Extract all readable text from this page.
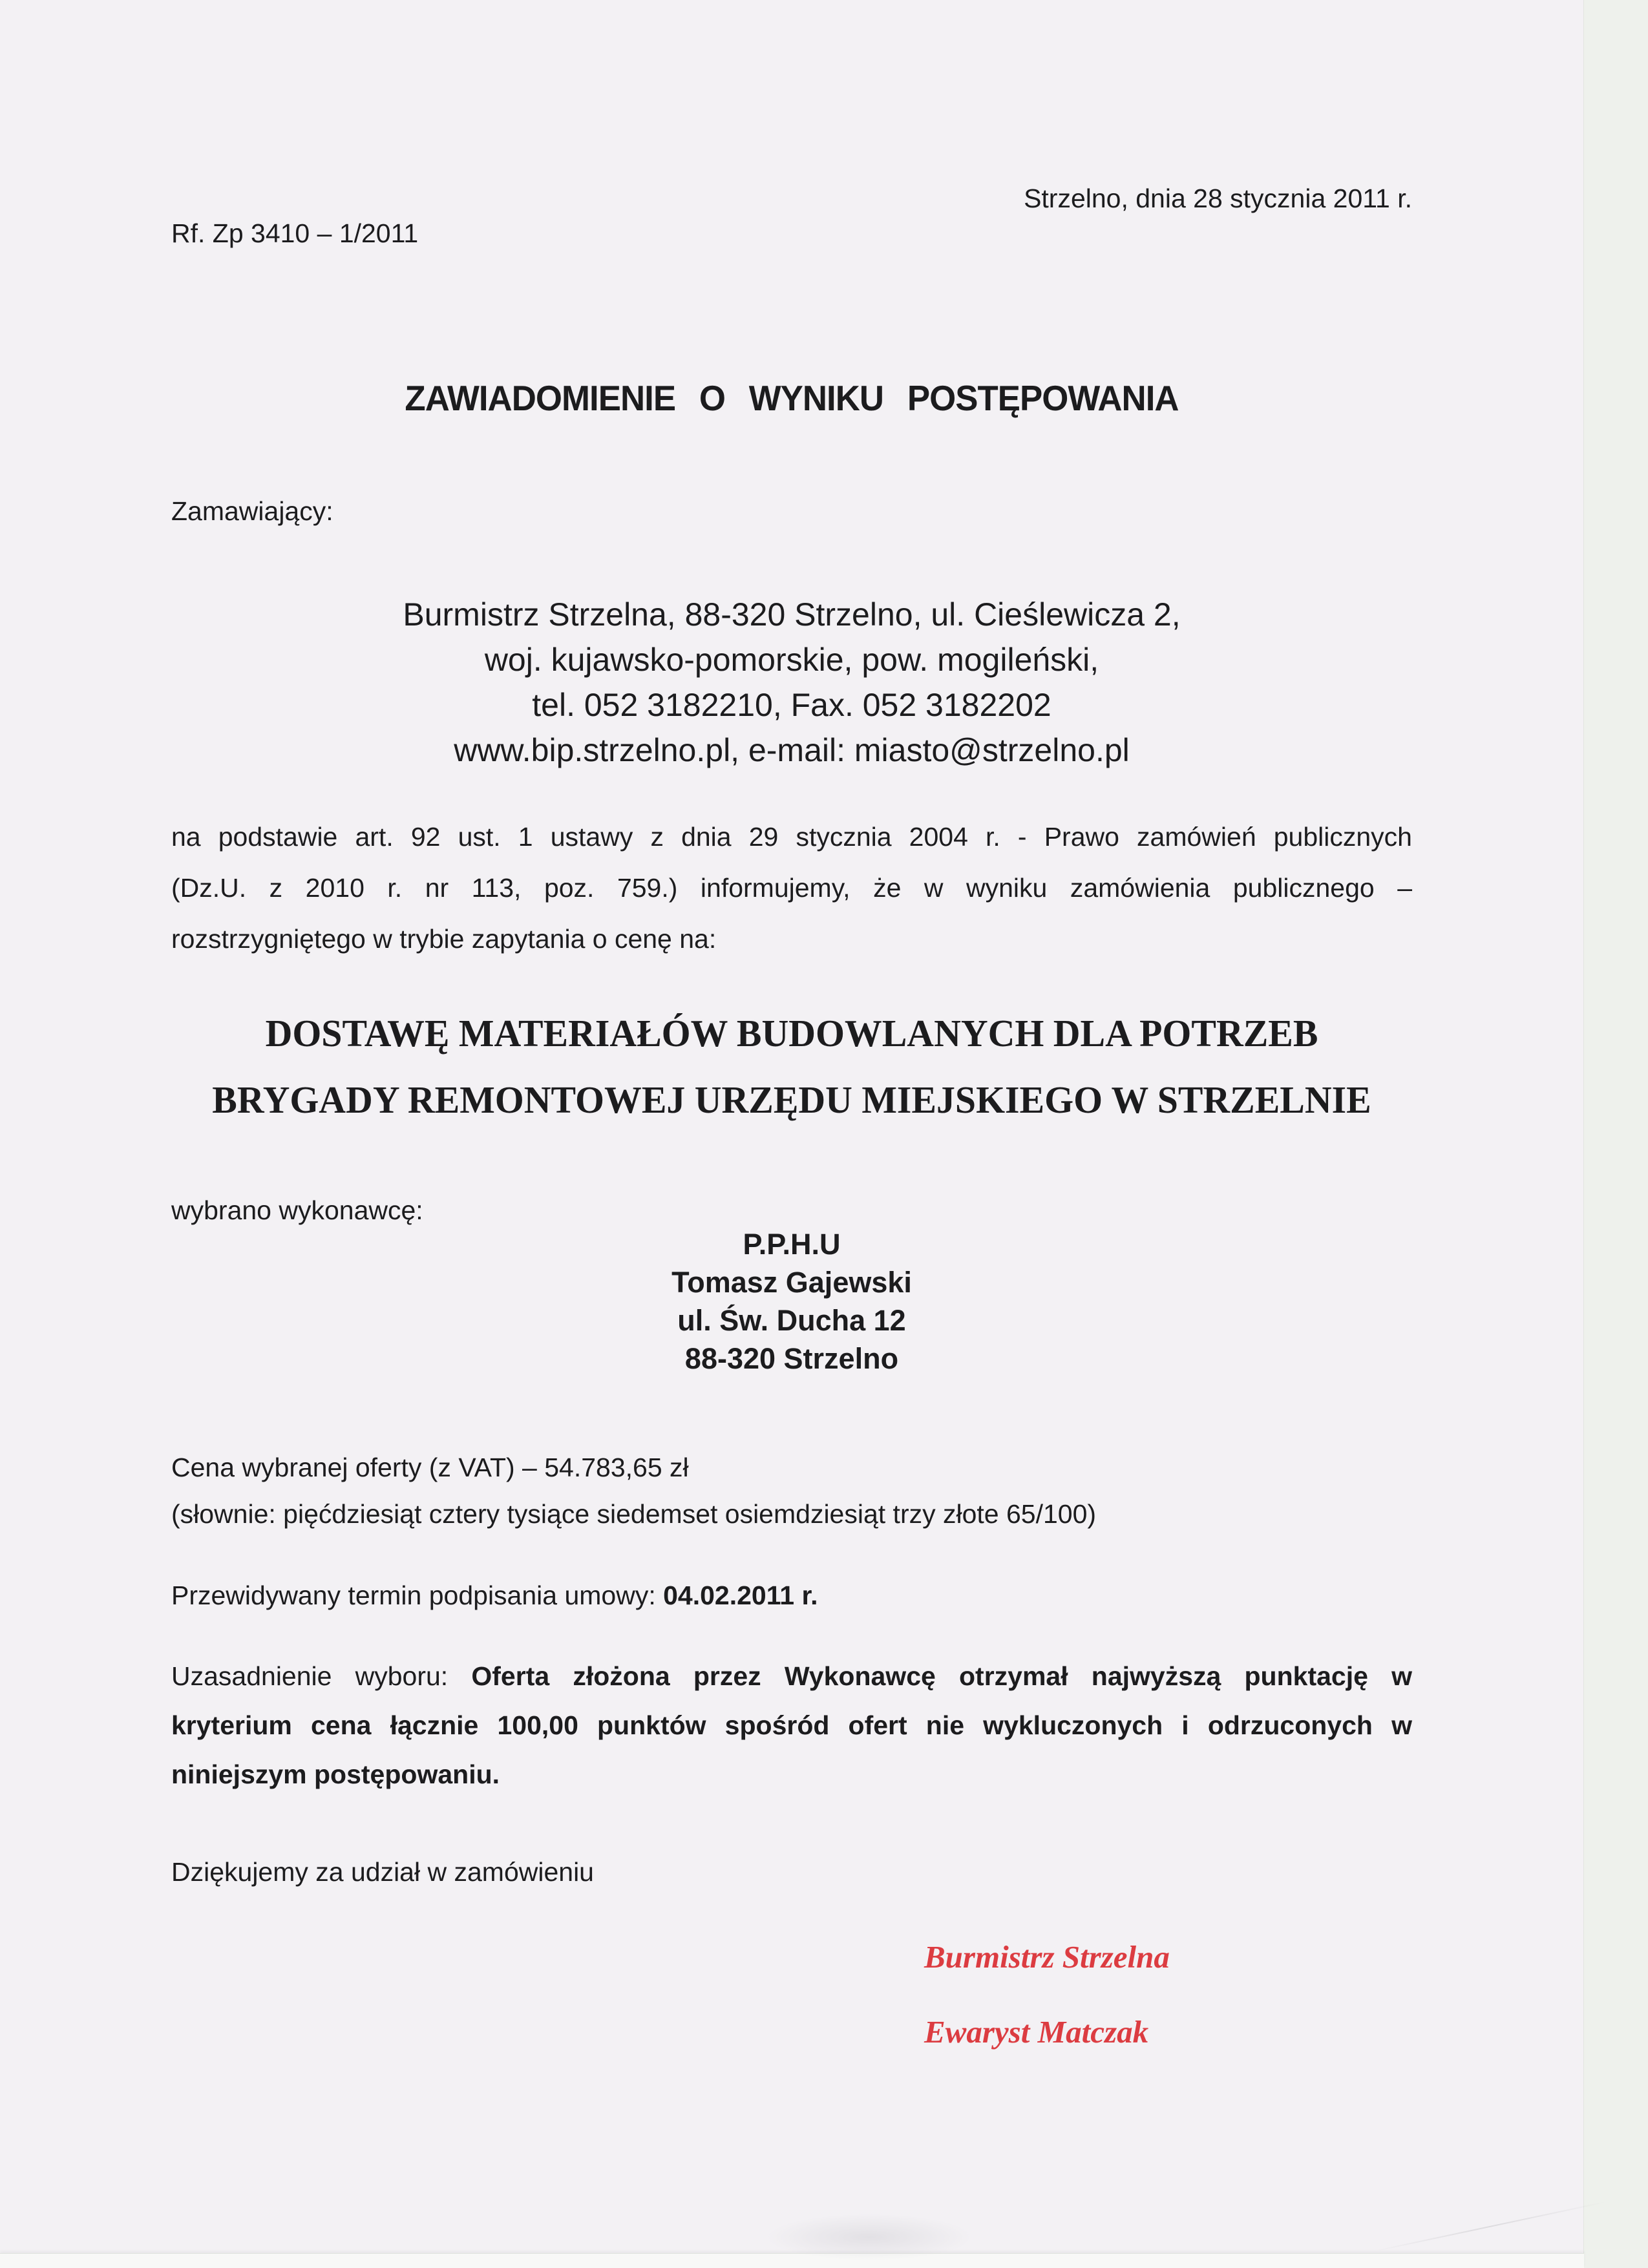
Strzelno, dnia 28 stycznia 2011 r.
Rf. Zp 3410 – 1/2011
ZAWIADOMIENIE O WYNIKU POSTĘPOWANIA
Zamawiający:
Burmistrz Strzelna, 88-320 Strzelno, ul. Cieślewicza 2,
woj. kujawsko-pomorskie, pow. mogileński,
tel. 052 3182210, Fax. 052 3182202
www.bip.strzelno.pl, e-mail: miasto@strzelno.pl
na podstawie art. 92 ust. 1 ustawy z dnia 29 stycznia 2004 r. - Prawo zamówień publicznych
(Dz.U. z 2010 r. nr 113, poz. 759.) informujemy, że w wyniku zamówienia publicznego –
rozstrzygniętego w trybie zapytania o cenę na:
DOSTAWĘ MATERIAŁÓW BUDOWLANYCH DLA POTRZEB
BRYGADY REMONTOWEJ URZĘDU MIEJSKIEGO W STRZELNIE
wybrano wykonawcę:
P.P.H.U
Tomasz Gajewski
ul. Św. Ducha 12
88-320 Strzelno
Cena wybranej oferty (z VAT) – 54.783,65 zł
(słownie: pięćdziesiąt cztery tysiące siedemset osiemdziesiąt trzy złote 65/100)
Przewidywany termin podpisania umowy: 04.02.2011 r.
Uzasadnienie wyboru: Oferta złożona przez Wykonawcę otrzymał najwyższą punktację w
kryterium cena łącznie 100,00 punktów spośród ofert nie wykluczonych i odrzuconych w
niniejszym postępowaniu.
Dziękujemy za udział w zamówieniu
Burmistrz Strzelna
Ewaryst Matczak
